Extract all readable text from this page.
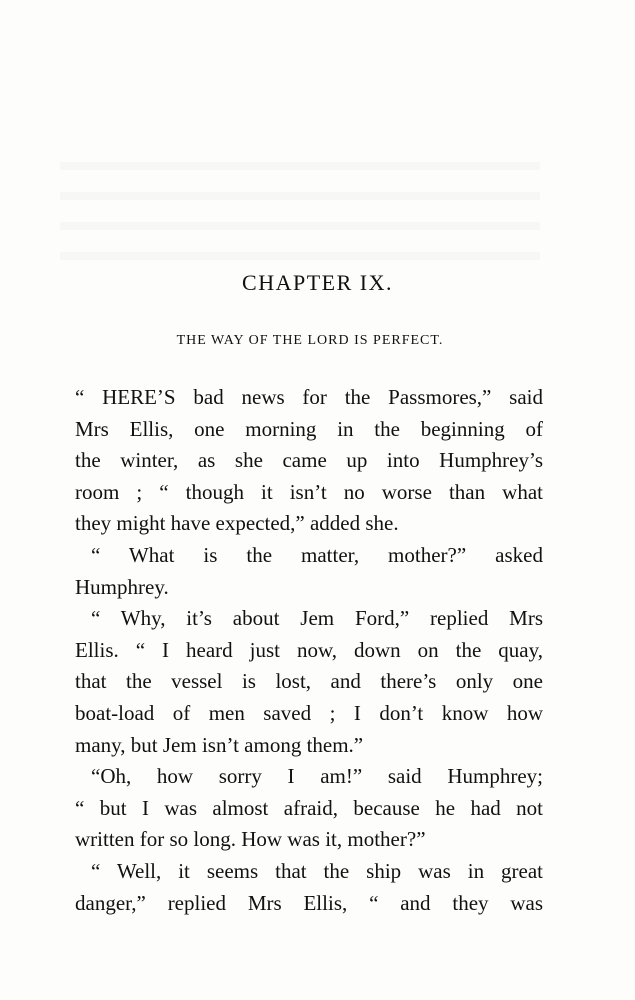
CHAPTER IX.
THE WAY OF THE LORD IS PERFECT.
“ HERE’S bad news for the Passmores,” said
Mrs Ellis, one morning in the beginning of
the winter, as she came up into Humphrey’s
room ; “ though it isn’t no worse than what
they might have expected,” added she.
“ What is the matter, mother?” asked
Humphrey.
“ Why, it’s about Jem Ford,” replied Mrs
Ellis. “ I heard just now, down on the quay,
that the vessel is lost, and there’s only one
boat-load of men saved ; I don’t know how
many, but Jem isn’t among them.”
“Oh, how sorry I am!” said Humphrey;
“ but I was almost afraid, because he had not
written for so long. How was it, mother?”
“ Well, it seems that the ship was in great
danger,” replied Mrs Ellis, “ and they was
